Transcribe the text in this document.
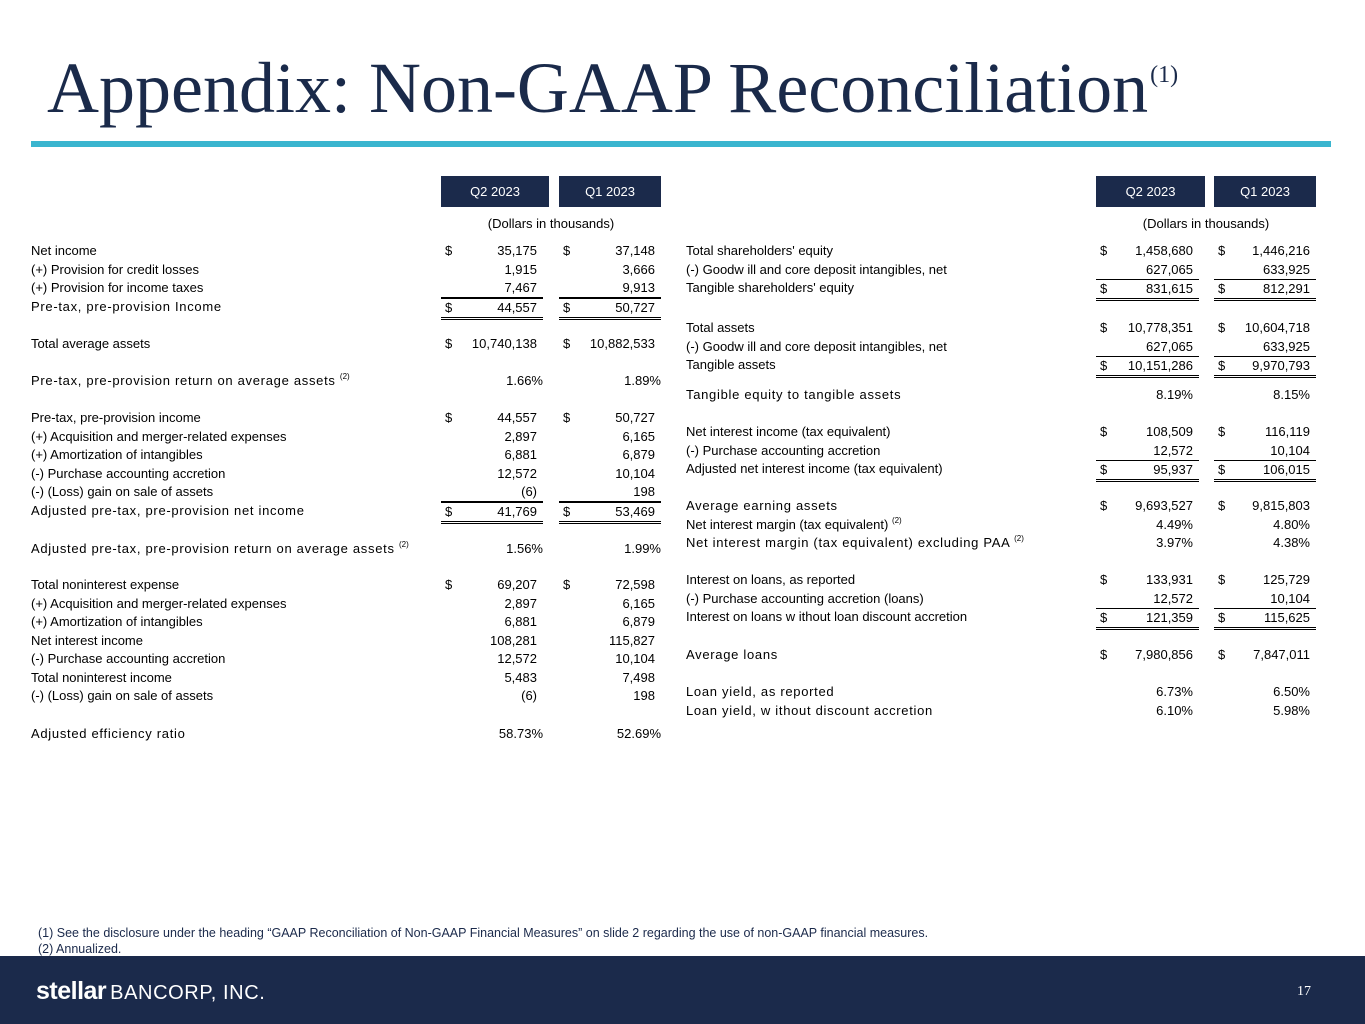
Appendix: Non-GAAP Reconciliation$^{(1)}$
Q2 2023	Q1 2023
(Dollars in thousands)
Net income	$	35,175 $	37,148
(+) Provision for credit losses	1,915	3,666
(+) Provision for income taxes	7,467	9,913
Pre-tax, pre-provision Income	$	44,557 $	50,727
Total average assets	$ 10,740,138 $ 10,882,533
Pre-tax, pre-provision return on average assets $^{(2)}$	1.66%	1.89%
Pre-tax, pre-provision income	$	44,557 $	50,727
(+) Acquisition and merger-related expenses	2,897	6,165
(+) Amortization of intangibles	6,881	6,879
(-) Purchase accounting accretion	12,572	10,104
(-) (Loss) gain on sale of assets	(6)	198
Adjusted pre-tax, pre-provision net income	$	41,769 $	53,469
Adjusted pre-tax, pre-provision return on average assets $^{(2)}$	1.56%	1.99%
Total noninterest expense	$	69,207 $	72,598
(+) Acquisition and merger-related expenses	2,897	6,165
(+) Amortization of intangibles	6,881	6,879
Net interest income	108,281	115,827
(-) Purchase accounting accretion	12,572	10,104
Total noninterest income	5,483	7,498
(-) (Loss) gain on sale of assets	(6)	198
Adjusted efficiency ratio	58.73%	52.69%
Q2 2023	Q1 2023
(Dollars in thousands)
Total shareholders' equity	$ 1,458,680 $ 1,446,216
(-) Goodw ill and core deposit intangibles, net	627,065	633,925
Tangible shareholders' equity	$	831,615 $	812,291
Total assets	$ 10,778,351 $ 10,604,718
(-) Goodw ill and core deposit intangibles, net	627,065	633,925
Tangible assets	$ 10,151,286 $ 9,970,793
Tangible equity to tangible assets	8.19%	8.15%
Net interest income (tax equivalent)	$	108,509 $	116,119
(-) Purchase accounting accretion	12,572	10,104
Adjusted net interest income (tax equivalent)	$	95,937 $	106,015
Average earning assets	$ 9,693,527 $ 9,815,803
Net interest margin (tax equivalent) $^{(2)}$	4.49%	4.80%
Net interest margin (tax equivalent) excluding PAA $^{(2)}$	3.97%	4.38%
Interest on loans, as reported	$	133,931 $	125,729
(-) Purchase accounting accretion (loans)	12,572	10,104
Interest on loans w ithout loan discount accretion	$	121,359 $	115,625
Average loans	$ 7,980,856 $ 7,847,011
Loan yield, as reported	6.73%	6.50%
Loan yield, w ithout discount accretion	6.10%	5.98%
(1) See the disclosure under the heading “GAAP Reconciliation of Non-GAAP Financial Measures” on slide 2 regarding the use of non-GAAP financial measures.
(2) Annualized.
stellar BANCORP, INC.	17
